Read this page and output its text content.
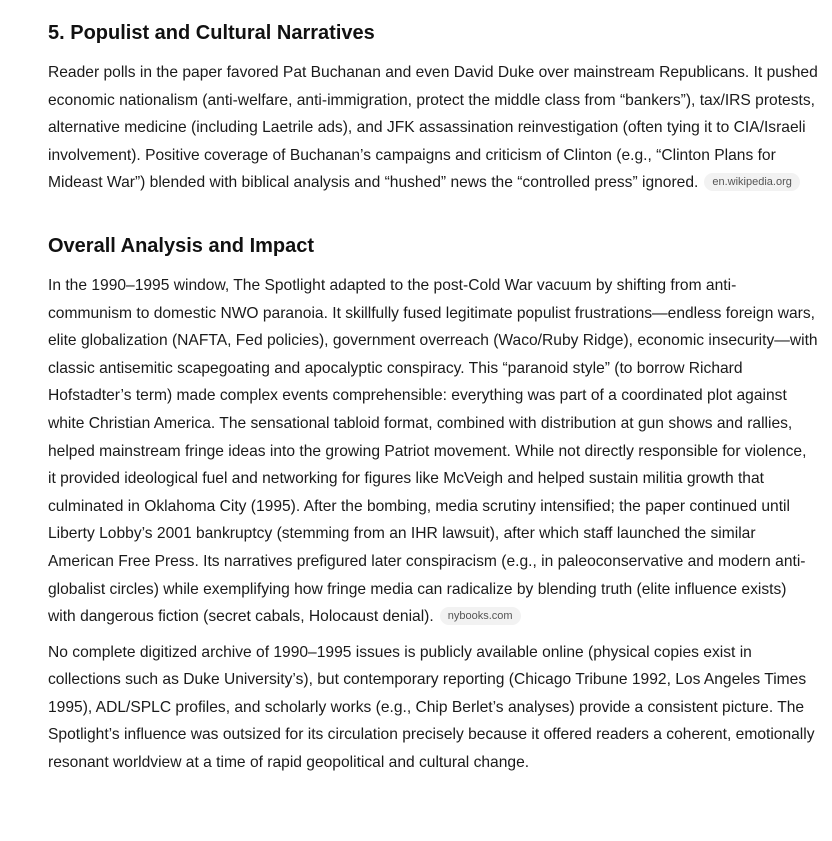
5. Populist and Cultural Narratives

Reader polls in the paper favored Pat Buchanan and even David Duke over mainstream Republicans. It pushed economic nationalism (anti-welfare, anti-immigration, protect the middle class from “bankers”), tax/IRS protests, alternative medicine (including Laetrile ads), and JFK assassination reinvestigation (often tying it to CIA/Israeli involvement). Positive coverage of Buchanan’s campaigns and criticism of Clinton (e.g., “Clinton Plans for Mideast War”) blended with biblical analysis and “hushed” news the “controlled press” ignored. en.wikipedia.org

Overall Analysis and Impact

In the 1990–1995 window, The Spotlight adapted to the post-Cold War vacuum by shifting from anti-communism to domestic NWO paranoia. It skillfully fused legitimate populist frustrations—endless foreign wars, elite globalization (NAFTA, Fed policies), government overreach (Waco/Ruby Ridge), economic insecurity—with classic antisemitic scapegoating and apocalyptic conspiracy. This “paranoid style” (to borrow Richard Hofstadter’s term) made complex events comprehensible: everything was part of a coordinated plot against white Christian America. The sensational tabloid format, combined with distribution at gun shows and rallies, helped mainstream fringe ideas into the growing Patriot movement. While not directly responsible for violence, it provided ideological fuel and networking for figures like McVeigh and helped sustain militia growth that culminated in Oklahoma City (1995). After the bombing, media scrutiny intensified; the paper continued until Liberty Lobby’s 2001 bankruptcy (stemming from an IHR lawsuit), after which staff launched the similar American Free Press. Its narratives prefigured later conspiracism (e.g., in paleoconservative and modern anti-globalist circles) while exemplifying how fringe media can radicalize by blending truth (elite influence exists) with dangerous fiction (secret cabals, Holocaust denial). nybooks.com

No complete digitized archive of 1990–1995 issues is publicly available online (physical copies exist in collections such as Duke University’s), but contemporary reporting (Chicago Tribune 1992, Los Angeles Times 1995), ADL/SPLC profiles, and scholarly works (e.g., Chip Berlet’s analyses) provide a consistent picture. The Spotlight’s influence was outsized for its circulation precisely because it offered readers a coherent, emotionally resonant worldview at a time of rapid geopolitical and cultural change.
